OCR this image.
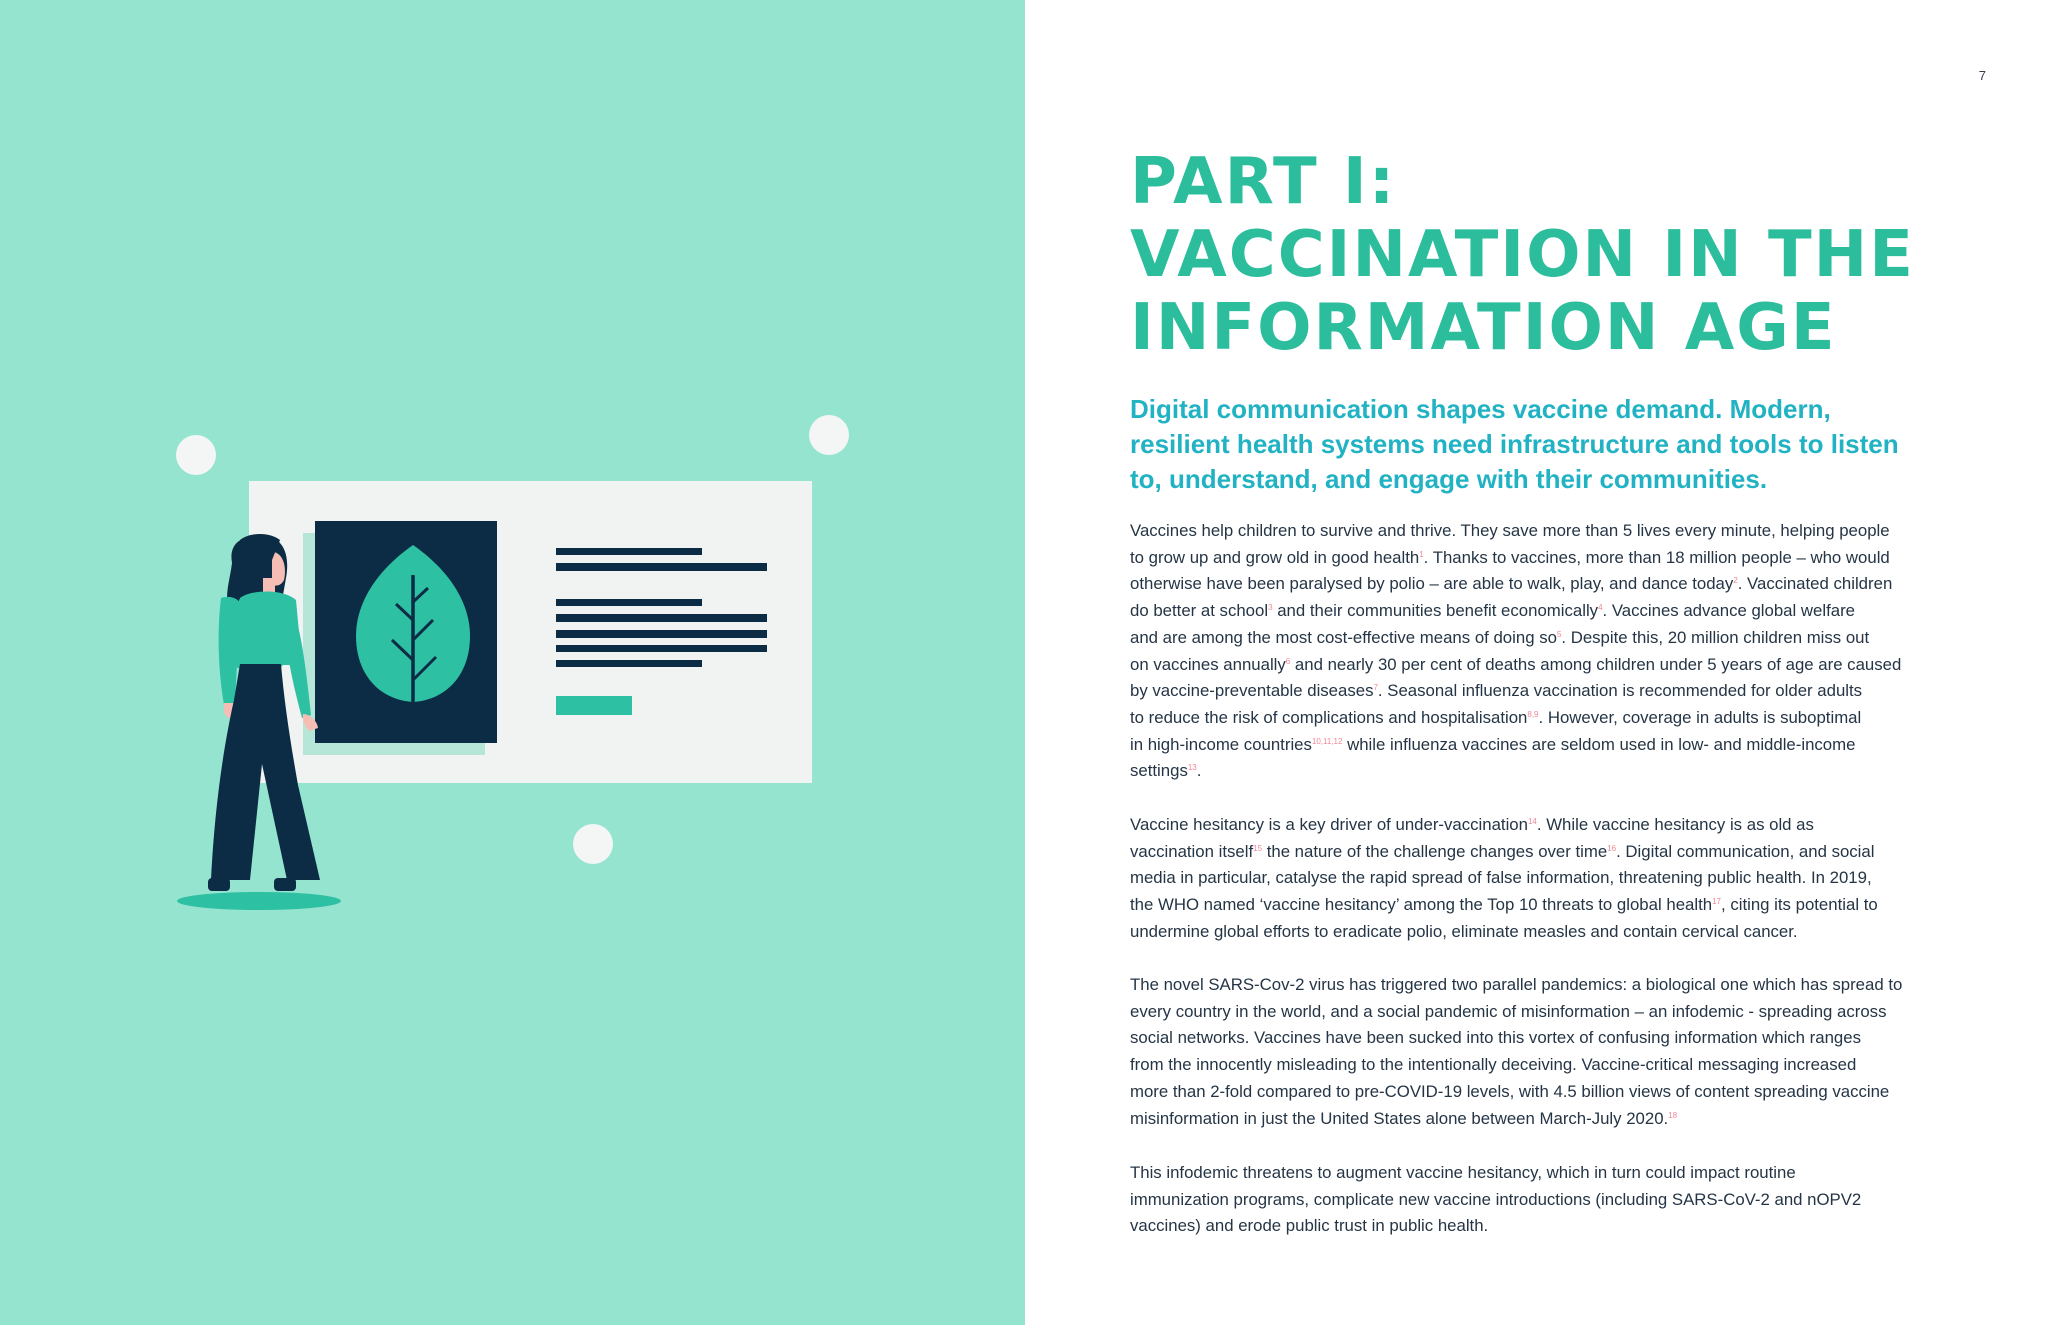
7
PART I:
VACCINATION IN THE
INFORMATION AGE

Digital communication shapes vaccine demand. Modern,
resilient health systems need infrastructure and tools to listen
to, understand, and engage with their communities.

Vaccines help children to survive and thrive. They save more than 5 lives every minute, helping people
to grow up and grow old in good health$^1$. Thanks to vaccines, more than 18 million people – who would
otherwise have been paralysed by polio – are able to walk, play, and dance today$^2$. Vaccinated children
do better at school$^3$ and their communities benefit economically$^4$. Vaccines advance global welfare
and are among the most cost-effective means of doing so$^5$. Despite this, 20 million children miss out
on vaccines annually$^6$ and nearly 30 per cent of deaths among children under 5 years of age are caused
by vaccine-preventable diseases$^7$. Seasonal influenza vaccination is recommended for older adults
to reduce the risk of complications and hospitalisation$^{8,9}$. However, coverage in adults is suboptimal
in high-income countries$^{10,11,12}$ while influenza vaccines are seldom used in low- and middle-income
settings$^{13}$.

Vaccine hesitancy is a key driver of under-vaccination$^{14}$. While vaccine hesitancy is as old as
vaccination itself$^{15}$ the nature of the challenge changes over time$^{16}$. Digital communication, and social
media in particular, catalyse the rapid spread of false information, threatening public health. In 2019,
the WHO named ‘vaccine hesitancy’ among the Top 10 threats to global health$^{17}$, citing its potential to
undermine global efforts to eradicate polio, eliminate measles and contain cervical cancer.

The novel SARS-Cov-2 virus has triggered two parallel pandemics: a biological one which has spread to
every country in the world, and a social pandemic of misinformation – an infodemic - spreading across
social networks. Vaccines have been sucked into this vortex of confusing information which ranges
from the innocently misleading to the intentionally deceiving. Vaccine-critical messaging increased
more than 2-fold compared to pre-COVID-19 levels, with 4.5 billion views of content spreading vaccine
misinformation in just the United States alone between March-July 2020.18

This infodemic threatens to augment vaccine hesitancy, which in turn could impact routine
immunization programs, complicate new vaccine introductions (including SARS-CoV-2 and nOPV2
vaccines) and erode public trust in public health.
